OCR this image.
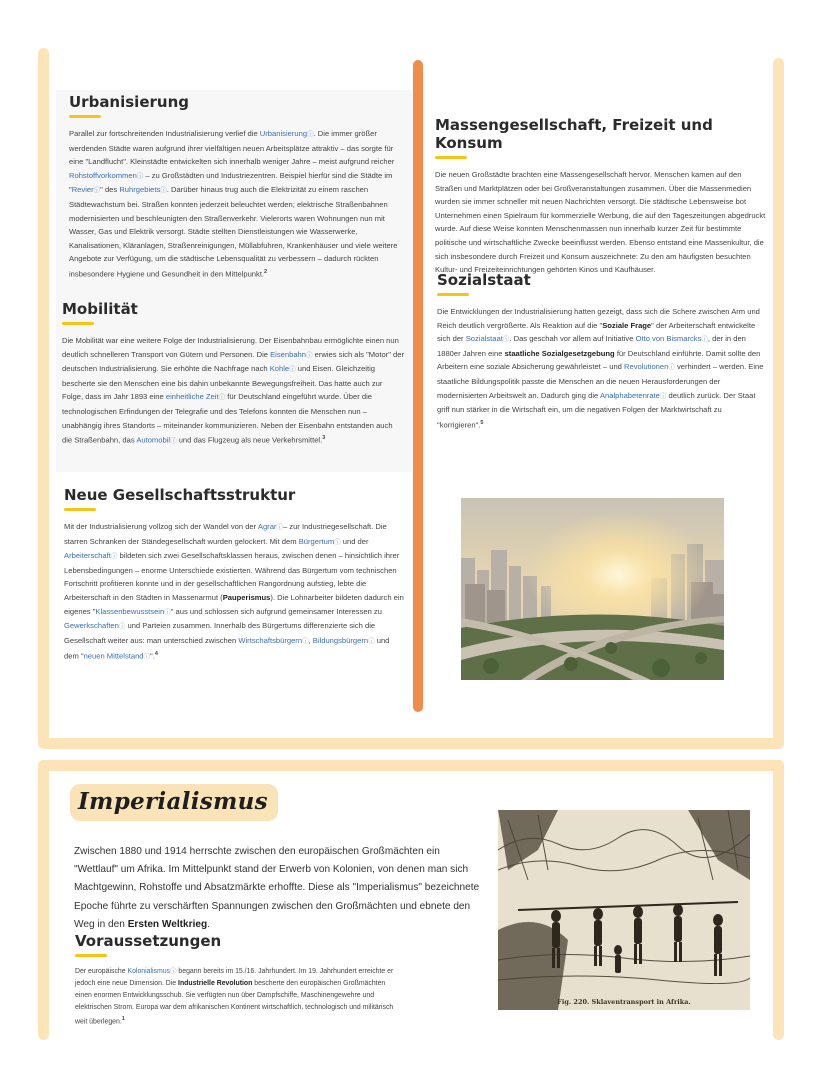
Urbanisierung

Parallel zur fortschreitenden Industrialisierung verlief die Urbanisierungⓘ. Die immer größer werdenden Städte waren aufgrund ihrer vielfältigen neuen Arbeitsplätze attraktiv – das sorgte für eine "Landflucht". Kleinstädte entwickelten sich innerhalb weniger Jahre – meist aufgrund reicher Rohstoffvorkommenⓘ – zu Großstädten und Industriezentren. Beispiel hierfür sind die Städte im "Revierⓘ" des Ruhrgebietsⓘ. Darüber hinaus trug auch die Elektrizität zu einem raschen Städtewachstum bei. Straßen konnten jederzeit beleuchtet werden; elektrische Straßenbahnen modernisierten und beschleunigten den Straßenverkehr. Vielerorts waren Wohnungen nun mit Wasser, Gas und Elektrik versorgt. Städte stellten Dienstleistungen wie Wasserwerke, Kanalisationen, Kläranlagen, Straßenreinigungen, Müllabfuhren, Krankenhäuser und viele weitere Angebote zur Verfügung, um die städtische Lebensqualität zu verbessern – dadurch rückten insbesondere Hygiene und Gesundheit in den Mittelpunkt.$^2$

Mobilität

Die Mobilität war eine weitere Folge der Industrialisierung. Der Eisenbahnbau ermöglichte einen nun deutlich schnelleren Transport von Gütern und Personen. Die Eisenbahnⓘ erwies sich als "Motor" der deutschen Industrialisierung. Sie erhöhte die Nachfrage nach Kohleⓘ und Eisen. Gleichzeitig bescherte sie den Menschen eine bis dahin unbekannte Bewegungsfreiheit. Das hatte auch zur Folge, dass im Jahr 1893 eine einheitliche Zeitⓘ für Deutschland eingeführt wurde. Über die technologischen Erfindungen der Telegrafie und des Telefons konnten die Menschen nun – unabhängig ihres Standorts – miteinander kommunizieren. Neben der Eisenbahn entstanden auch die Straßenbahn, das Automobilⓘ und das Flugzeug als neue Verkehrsmittel.$^3$

Neue Gesellschaftsstruktur

Mit der Industrialisierung vollzog sich der Wandel von der Agrarⓘ– zur Industriegesellschaft. Die starren Schranken der Ständegesellschaft wurden gelockert. Mit dem Bürgertumⓘ und der Arbeiterschaftⓘ bildeten sich zwei Gesellschaftsklassen heraus, zwischen denen – hinsichtlich ihrer Lebensbedingungen – enorme Unterschiede existierten. Während das Bürgertum vom technischen Fortschritt profitieren konnte und in der gesellschaftlichen Rangordnung aufstieg, lebte die Arbeiterschaft in den Städten in Massenarmut (Pauperismus). Die Lohnarbeiter bildeten dadurch ein eigenes "Klassenbewusstseinⓘ" aus und schlossen sich aufgrund gemeinsamer Interessen zu Gewerkschaftenⓘ und Parteien zusammen. Innerhalb des Bürgertums differenzierte sich die Gesellschaft weiter aus: man unterschied zwischen Wirtschaftsbürgernⓘ, Bildungsbürgernⓘ und dem "neuen Mittelstandⓘ".$^4$

Massengesellschaft, Freizeit und Konsum

Die neuen Großstädte brachten eine Massengesellschaft hervor. Menschen kamen auf den Straßen und Marktplätzen oder bei Großveranstaltungen zusammen. Über die Massenmedien wurden sie immer schneller mit neuen Nachrichten versorgt. Die städtische Lebensweise bot Unternehmen einen Spielraum für kommerzielle Werbung, die auf den Tageszeitungen abgedruckt wurde. Auf diese Weise konnten Menschenmassen nun innerhalb kurzer Zeit für bestimmte politische und wirtschaftliche Zwecke beeinflusst werden. Ebenso entstand eine Massenkultur, die sich insbesondere durch Freizeit und Konsum auszeichnete: Zu den am häufigsten besuchten Kultur- und Freizeiteinrichtungen gehörten Kinos und Kaufhäuser.

Sozialstaat

Die Entwicklungen der Industrialisierung hatten gezeigt, dass sich die Schere zwischen Arm und Reich deutlich vergrößerte. Als Reaktion auf die "Soziale Frage" der Arbeiterschaft entwickelte sich der Sozialstaatⓘ. Das geschah vor allem auf Initiative Otto von Bismarcksⓘ, der in den 1880er Jahren eine staatliche Sozialgesetzgebung für Deutschland einführte. Damit sollte den Arbeitern eine soziale Absicherung gewährleistet – und Revolutionenⓘ verhindert – werden. Eine staatliche Bildungspolitik passte die Menschen an die neuen Herausforderungen der modernisierten Arbeitswelt an. Dadurch ging die Analphabetenrateⓘ deutlich zurück. Der Staat griff nun stärker in die Wirtschaft ein, um die negativen Folgen der Marktwirtschaft zu "korrigieren".$^5$

Imperialismus

Zwischen 1880 und 1914 herrschte zwischen den europäischen Großmächten ein "Wettlauf" um Afrika. Im Mittelpunkt stand der Erwerb von Kolonien, von denen man sich Machtgewinn, Rohstoffe und Absatzmärkte erhoffte. Diese als "Imperialismus" bezeichnete Epoche führte zu verschärften Spannungen zwischen den Großmächten und ebnete den Weg in den Ersten Weltkrieg.

Voraussetzungen

Der europäische Kolonialismusⓘ begann bereits im 15./16. Jahrhundert. Im 19. Jahrhundert erreichte er jedoch eine neue Dimension. Die Industrielle Revolution bescherte den europäischen Großmächten einen enormen Entwicklungsschub. Sie verfügten nun über Dampfschiffe, Maschinengewehre und elektrischen Strom. Europa war dem afrikanischen Kontinent wirtschaftlich, technologisch und militärisch weit überlegen.$^1$

Fig. 220. Sklaventransport in Afrika.
